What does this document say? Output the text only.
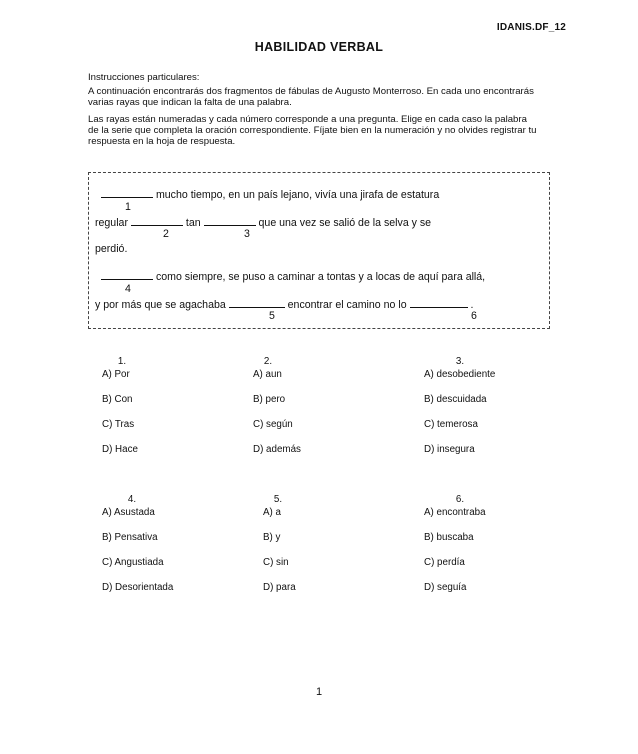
IDANIS.DF_12
HABILIDAD VERBAL
Instrucciones particulares:
A continuación encontrarás dos fragmentos de fábulas de Augusto Monterroso. En cada uno encontrarás
varias rayas que indican la falta de una palabra.
Las rayas están numeradas y cada número corresponde a una pregunta. Elige en cada caso la palabra
de la serie que completa la oración correspondiente. Fíjate bien en la numeración y no olvides registrar tu
respuesta en la hoja de respuesta.
mucho tiempo, en un país lejano, vivía una jirafa de estatura
1
regular	tan	que una vez se salió de la selva y se
2	3
perdió.
como siempre, se puso a caminar a tontas y a locas de aquí para allá,
4
y por más que se agachaba	encontrar el camino no lo	.
5	6
1.
A) Por
B) Con
C) Tras
D) Hace
2.
A) aun
B) pero
C) según
D) además
3.
A) desobediente
B) descuidada
C) temerosa
D) insegura
4.
A) Asustada
B) Pensativa
C) Angustiada
D) Desorientada
5.
A) a
B) y
C) sin
D) para
6.
A) encontraba
B) buscaba
C) perdía
D) seguía
1
